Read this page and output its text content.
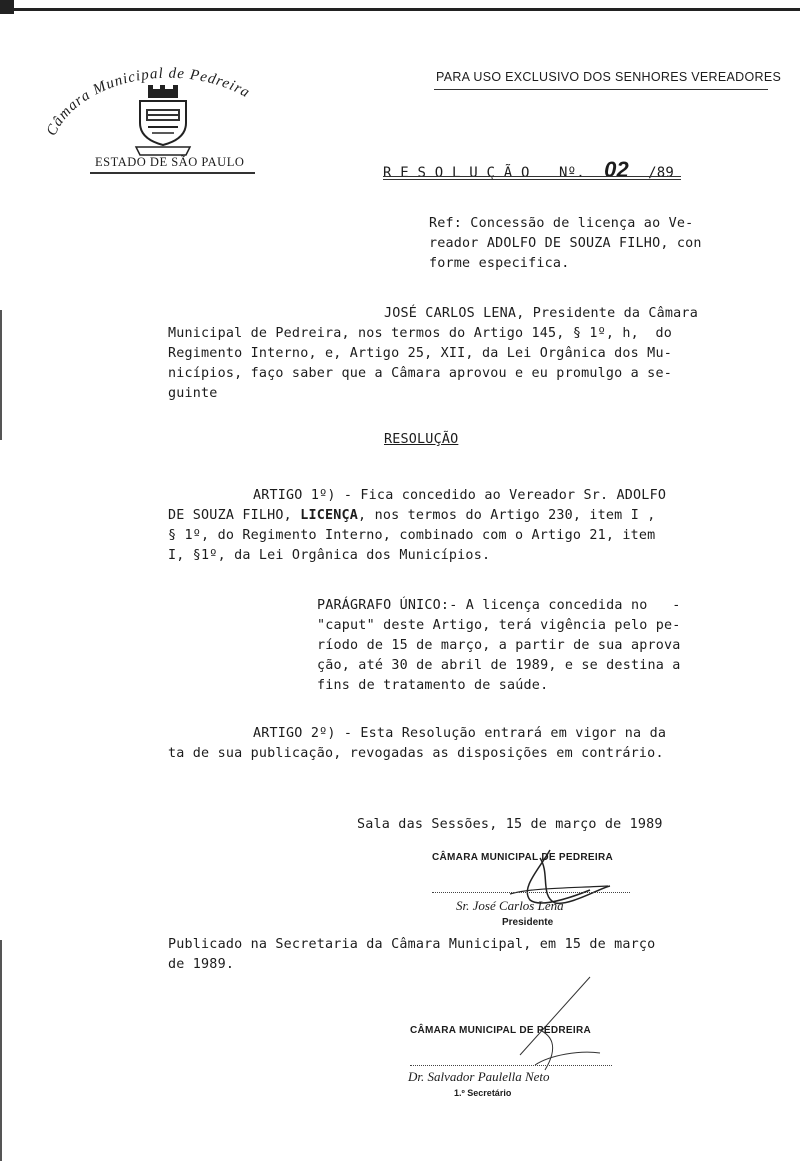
Câmara Municipal de Pedreira
ESTADO DE SÃO PAULO
PARA USO EXCLUSIVO DOS SENHORES VEREADORES
R E S O L U Ç Ã O Nº. 02 /89
Ref: Concessão de licença ao Ve-
reador ADOLFO DE SOUZA FILHO, con
forme especifica.
JOSÉ CARLOS LENA, Presidente da Câmara
Municipal de Pedreira, nos termos do Artigo 145, § 1º, h,  do
Regimento Interno, e, Artigo 25, XII, da Lei Orgânica dos Mu-
nicípios, faço saber que a Câmara aprovou e eu promulgo a se-
guinte
RESOLUÇÃO
ARTIGO 1º) - Fica concedido ao Vereador Sr. ADOLFO
DE SOUZA FILHO, LICENÇA, nos termos do Artigo 230, item I ,
§ 1º, do Regimento Interno, combinado com o Artigo 21, item
I, §1º, da Lei Orgânica dos Municípios.
PARÁGRAFO ÚNICO:- A licença concedida no   -
"caput" deste Artigo, terá vigência pelo pe-
ríodo de 15 de março, a partir de sua aprova
ção, até 30 de abril de 1989, e se destina a
fins de tratamento de saúde.
ARTIGO 2º) - Esta Resolução entrará em vigor na da
ta de sua publicação, revogadas as disposições em contrário.
Sala das Sessões, 15 de março de 1989
CÂMARA MUNICIPAL DE PEDREIRA
Sr. José Carlos Lena
Presidente
Publicado na Secretaria da Câmara Municipal, em 15 de março
de 1989.
CÂMARA MUNICIPAL DE PEDREIRA
Dr. Salvador Paulella Neto
1.º Secretário
